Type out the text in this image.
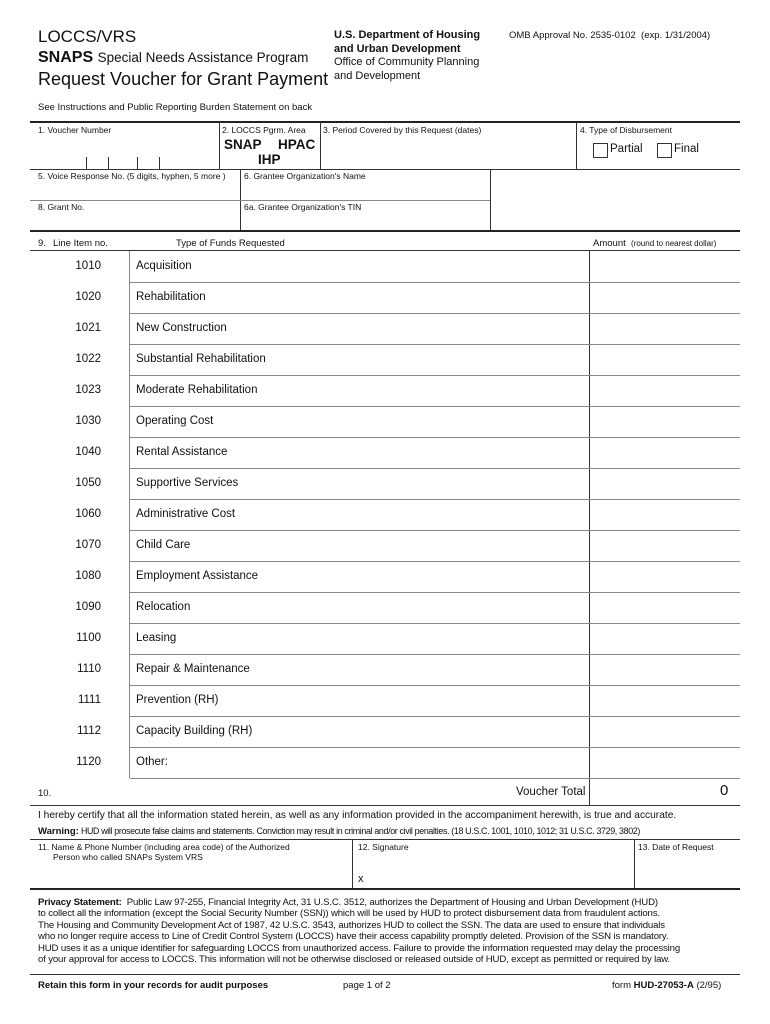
LOCCS/VRS
SNAPS Special Needs Assistance Program
Request Voucher for Grant Payment
U.S. Department of Housing
and Urban Development
Office of Community Planning
and Development
OMB Approval No. 2535-0102 (exp. 1/31/2004)
See Instructions and Public Reporting Burden Statement on back
1. Voucher Number	2. LOCCS Pgrm. Area
SNAP HPAC
IHP
3. Period Covered by this Request (dates)	4. Type of Disbursement
Partial	Final
5. Voice Response No. (5 digits, hyphen, 5 more ) 6. Grantee Organization's Name
8. Grant No.	6a. Grantee Organization's TIN
9. Line Item no.	Type of Funds Requested	Amount (round to nearest dollar)
1010	Acquisition
1020	Rehabilitation
1021	New Construction
1022	Substantial Rehabilitation
1023	Moderate Rehabilitation
1030	Operating Cost
1040	Rental Assistance
1050	Supportive Services
1060	Administrative Cost
1070	Child Care
1080	Employment Assistance
1090	Relocation
1100	Leasing
1110	Repair & Maintenance
1111	Prevention (RH)
1112	Capacity Building (RH)
1120	Other:
10.	Voucher Total	0
I hereby certify that all the information stated herein, as well as any information provided in the accompaniment herewith, is true and accurate.
Warning: HUD will prosecute false claims and statements. Conviction may result in criminal and/or civil penalties. (18 U.S.C. 1001, 1010, 1012; 31 U.S.C. 3729, 3802)
11. Name & Phone Number (including area code) of the Authorized
Person who called SNAPs System VRS
12. Signature
x
13. Date of Request
Privacy Statement: Public Law 97-255, Financial Integrity Act, 31 U.S.C. 3512, authorizes the Department of Housing and Urban Development (HUD)
to collect all the information (except the Social Security Number (SSN)) which will be used by HUD to protect disbursement data from fraudulent actions.
The Housing and Community Development Act of 1987, 42 U.S.C. 3543, authorizes HUD to collect the SSN. The data are used to ensure that individuals
who no longer require access to Line of Credit Control System (LOCCS) have their access capability promptly deleted. Provision of the SSN is mandatory.
HUD uses it as a unique identifier for safeguarding LOCCS from unauthorized access. Failure to provide the information requested may delay the processing
of your approval for access to LOCCS. This information will not be otherwise disclosed or released outside of HUD, except as permitted or required by law.
Retain this form in your records for audit purposes	page 1 of 2	form HUD-27053-A (2/95)
